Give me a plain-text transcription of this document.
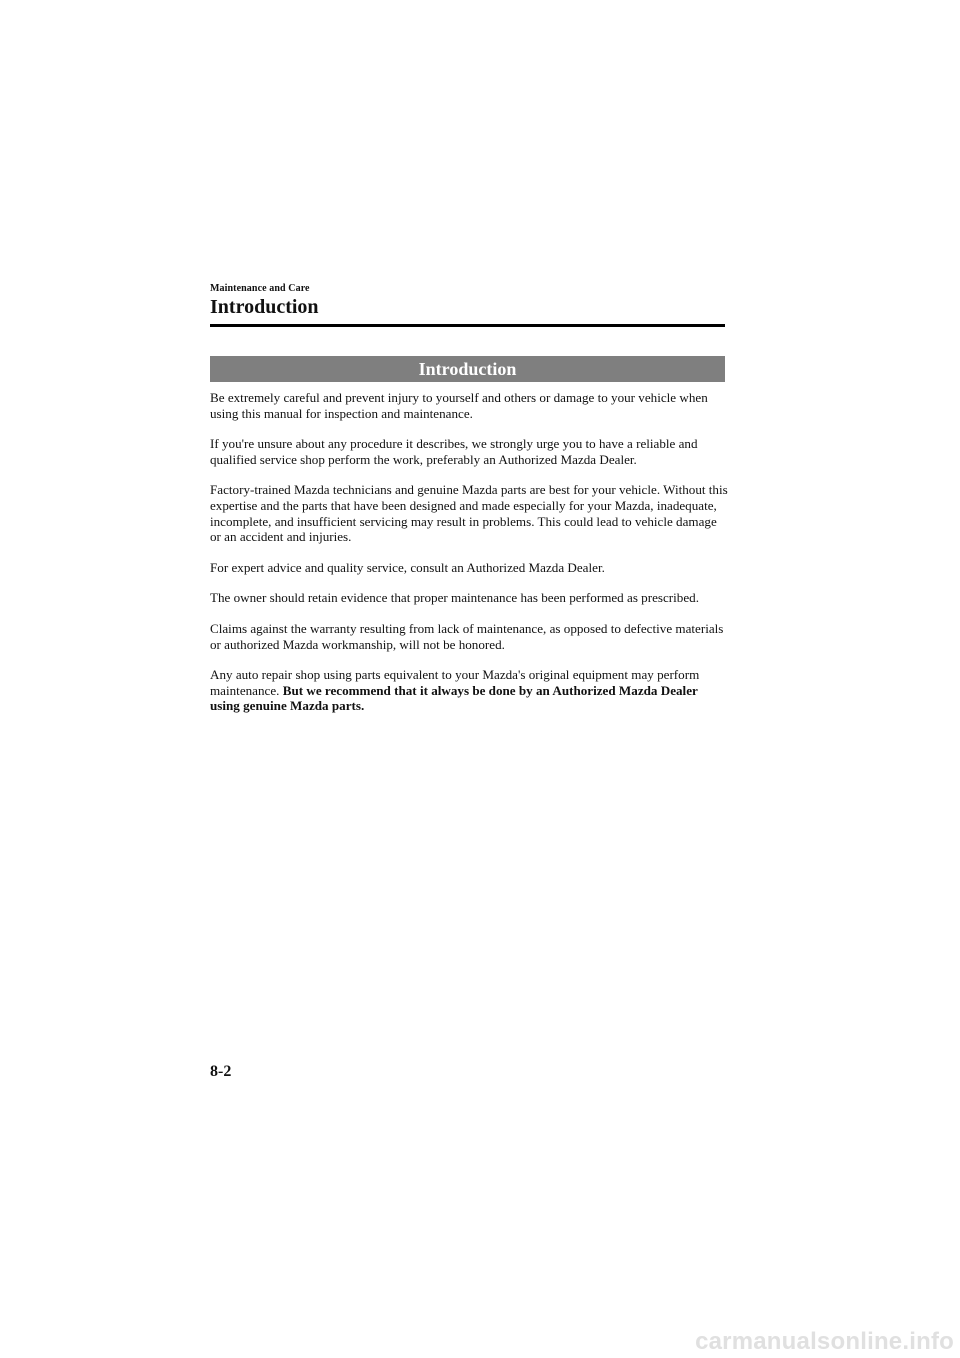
Maintenance and Care
Introduction
Introduction

Be extremely careful and prevent injury to yourself and others or damage to your vehicle when using this manual for inspection and maintenance.

If you're unsure about any procedure it describes, we strongly urge you to have a reliable and qualified service shop perform the work, preferably an Authorized Mazda Dealer.

Factory-trained Mazda technicians and genuine Mazda parts are best for your vehicle. Without this expertise and the parts that have been designed and made especially for your Mazda, inadequate, incomplete, and insufficient servicing may result in problems. This could lead to vehicle damage or an accident and injuries.

For expert advice and quality service, consult an Authorized Mazda Dealer.

The owner should retain evidence that proper maintenance has been performed as prescribed.

Claims against the warranty resulting from lack of maintenance, as opposed to defective materials or authorized Mazda workmanship, will not be honored.

Any auto repair shop using parts equivalent to your Mazda's original equipment may perform maintenance. But we recommend that it always be done by an Authorized Mazda Dealer using genuine Mazda parts.

8-2
carmanualsonline.info
